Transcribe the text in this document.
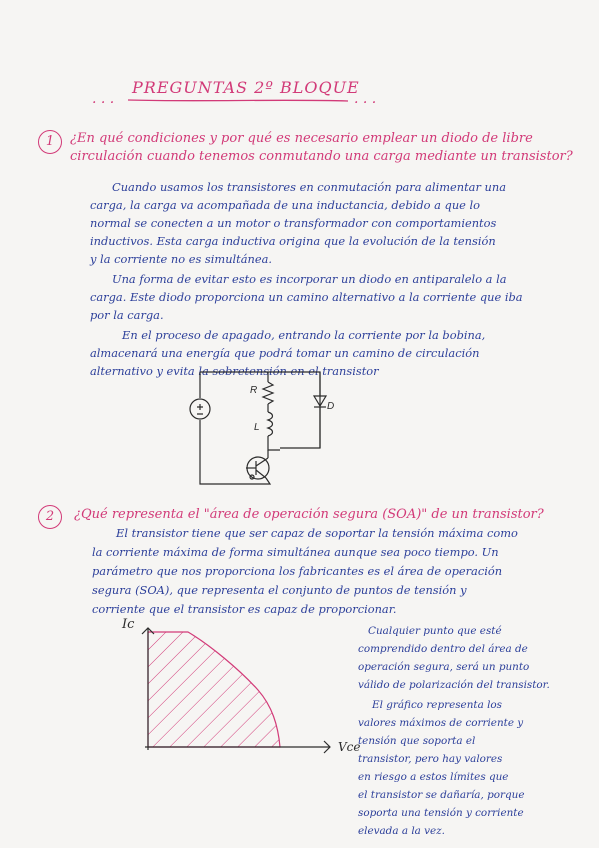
. . .
PREGUNTAS 2º BLOQUE
. . .
1	¿En qué condiciones y por qué es necesario emplear un diodo de libre
circulación cuando tenemos conmutando una carga mediante un transistor?
Cuando usamos los transistores en conmutación para alimentar una
carga, la carga va acompañada de una inductancia, debido a que lo
normal se conecten a un motor o transformador con comportamientos
inductivos. Esta carga inductiva origina que la evolución de la tensión
y la corriente no es simultánea.
Una forma de evitar esto es incorporar un diodo en antiparalelo a la
carga. Este diodo proporciona un camino alternativo a la corriente que iba
por la carga.
En el proceso de apagado, entrando la corriente por la bobina,
almacenará una energía que podrá tomar un camino de circulación
alternativo y evita la sobretensión en el transistor
R
L
D
2	¿Qué representa el "área de operación segura (SOA)" de un transistor?
El transistor tiene que ser capaz de soportar la tensión máxima como
la corriente máxima de forma simultánea aunque sea poco tiempo. Un
parámetro que nos proporciona los fabricantes es el área de operación
segura (SOA), que representa el conjunto de puntos de tensión y
corriente que el transistor es capaz de proporcionar.
Cualquier punto que esté
comprendido dentro del área de
operación segura, será un punto
válido de polarización del transistor.
El gráfico representa los
valores máximos de corriente y
tensión que soporta el
transistor, pero hay valores
en riesgo a estos límites que
el transistor se dañaría, porque
soporta una tensión y corriente
elevada a la vez.
Ic
Vce
